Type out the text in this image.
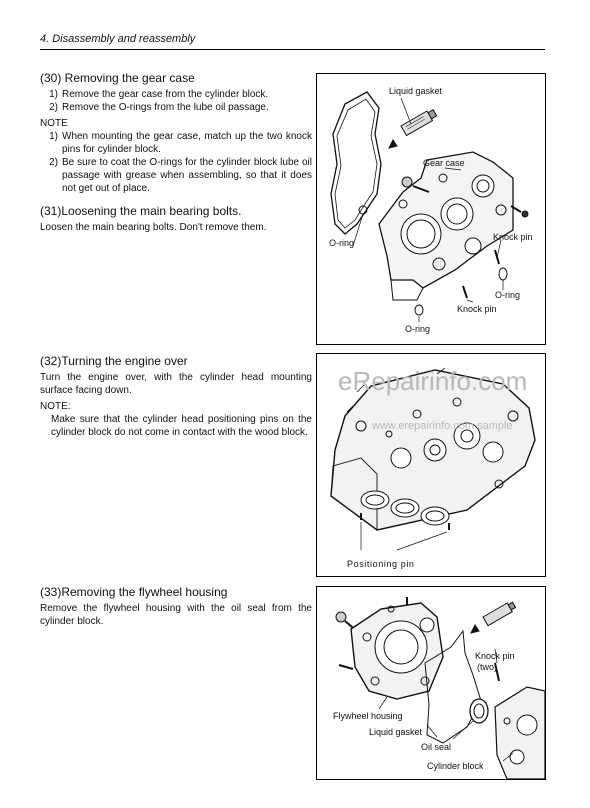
4. Disassembly and reassembly
(30) Removing the gear case
1) Remove the gear case from the cylinder block.
2) Remove the O-rings from the lube oil passage.

NOTE

1) When mounting the gear case, match up the two knock pins for cylinder block.
2) Be sure to coat the O-rings for the cylinder block lube oil passage with grease when assembling, so that it does not get out of place.
(31)Loosening the main bearing bolts.

Loosen the main bearing bolts. Don't remove them.

(32)Turning the engine over

Turn the engine over, with the cylinder head mounting surface facing down.

NOTE:

Make sure that the cylinder head positioning pins on the cylinder block do not come in contact with the wood block.

(33)Removing the flywheel housing

Remove the flywheel housing with the oil seal from the cylinder block.

Liquid gasket
Gear case
O-ring
Knock pin
O-ring
Knock pin
O-ring
Positioning pin
Knock pin
(two)
Flywheel housing
Liquid gasket
Oil seal
Cylinder block
eRepairinfo.com
www.erepairinfo.com sample
